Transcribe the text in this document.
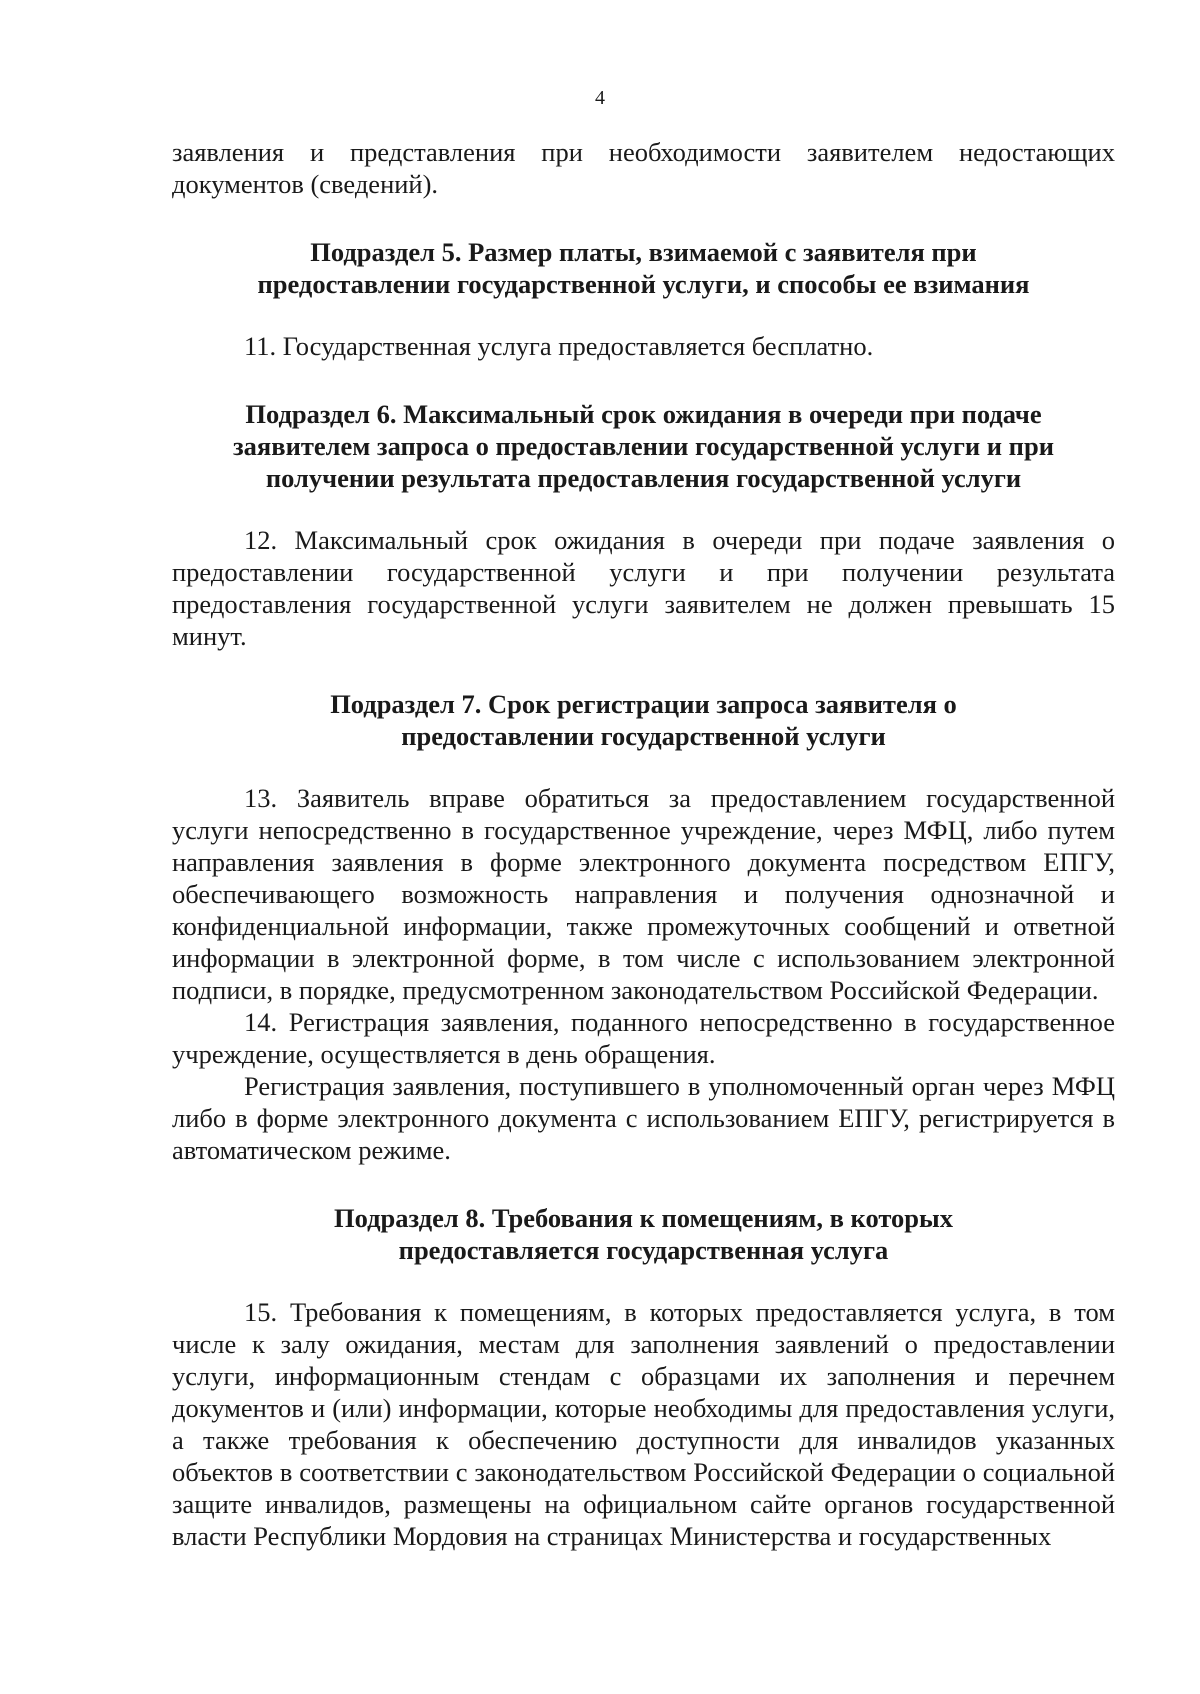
4

заявления и представления при необходимости заявителем недостающих документов (сведений).

Подраздел 5. Размер платы, взимаемой с заявителя при
предоставлении государственной услуги, и способы ее взимания

11. Государственная услуга предоставляется бесплатно.

Подраздел 6. Максимальный срок ожидания в очереди при подаче
заявителем запроса о предоставлении государственной услуги и при
получении результата предоставления государственной услуги

12. Максимальный срок ожидания в очереди при подаче заявления о предоставлении государственной услуги и при получении результата предоставления государственной услуги заявителем не должен превышать 15 минут.

Подраздел 7. Срок регистрации запроса заявителя о
предоставлении государственной услуги

13. Заявитель вправе обратиться за предоставлением государственной услуги непосредственно в государственное учреждение, через МФЦ, либо путем направления заявления в форме электронного документа посредством ЕПГУ, обеспечивающего возможность направления и получения однозначной и конфиденциальной информации, также промежуточных сообщений и ответной информации в электронной форме, в том числе с использованием электронной подписи, в порядке, предусмотренном законодательством Российской Федерации.

14. Регистрация заявления, поданного непосредственно в государственное учреждение, осуществляется в день обращения.

Регистрация заявления, поступившего в уполномоченный орган через МФЦ либо в форме электронного документа с использованием ЕПГУ, регистрируется в автоматическом режиме.

Подраздел 8. Требования к помещениям, в которых
предоставляется государственная услуга

15. Требования к помещениям, в которых предоставляется услуга, в том числе к залу ожидания, местам для заполнения заявлений о предоставлении услуги, информационным стендам с образцами их заполнения и перечнем документов и (или) информации, которые необходимы для предоставления услуги, а также требования к обеспечению доступности для инвалидов указанных объектов в соответствии с законодательством Российской Федерации о социальной защите инвалидов, размещены на официальном сайте органов государственной власти Республики Мордовия на страницах Министерства и государственных
